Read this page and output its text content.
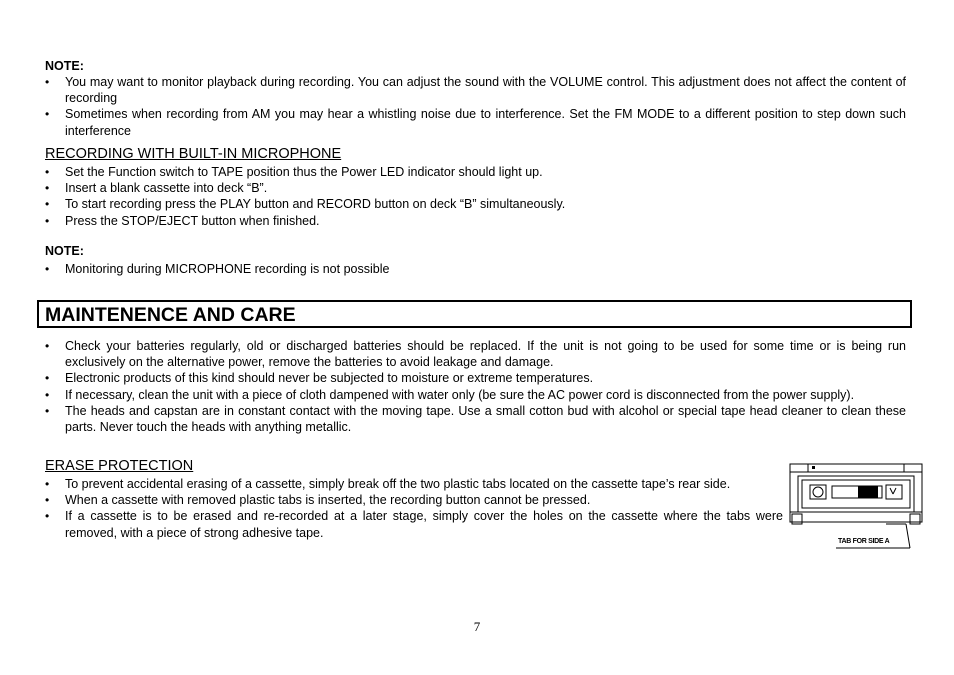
NOTE:
• You may want to monitor playback during recording. You can adjust the sound with the VOLUME control. This adjustment does not affect the content of recording
• Sometimes when recording from AM you may hear a whistling noise due to interference. Set the FM MODE to a different position to step down such interference
RECORDING WITH BUILT-IN MICROPHONE
• Set the Function switch to TAPE position thus the Power LED indicator should light up.
• Insert a blank cassette into deck “B”.
• To start recording press the PLAY button and RECORD button on deck “B” simultaneously.
• Press the STOP/EJECT button when finished.
NOTE:
• Monitoring during MICROPHONE recording is not possible
• Check your batteries regularly, old or discharged batteries should be replaced. If the unit is not going to be used for some time or is being run exclusively on the alternative power, remove the batteries to avoid leakage and damage.
• Electronic products of this kind should never be subjected to moisture or extreme temperatures.
• If necessary, clean the unit with a piece of cloth dampened with water only (be sure the AC power cord is disconnected from the power supply).
• The heads and capstan are in constant contact with the moving tape. Use a small cotton bud with alcohol or special tape head cleaner to clean these parts. Never touch the heads with anything metallic.
ERASE PROTECTION
• To prevent accidental erasing of a cassette, simply break off the two plastic tabs located on the cassette tape’s rear side.
• When a cassette with removed plastic tabs is inserted, the recording button cannot be pressed.
• If a cassette is to be erased and re-recorded at a later stage, simply cover the holes on the cassette where the tabs were removed, with a piece of strong adhesive tape.
MAINTENENCE AND CARE
TAB FOR SIDE A
7
